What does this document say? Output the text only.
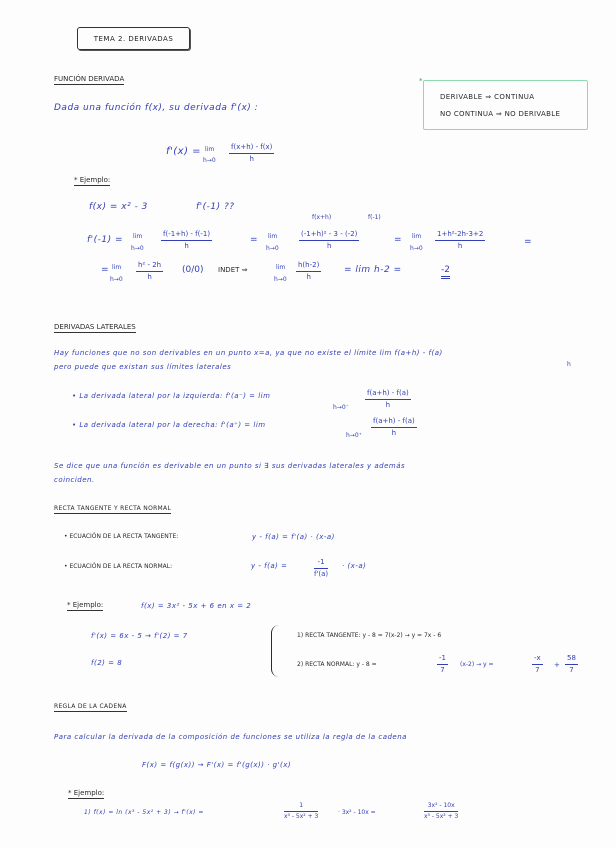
TEMA 2. DERIVADAS
*
DERIVABLE ⇒ CONTINUA
NO CONTINUA ⇒ NO DERIVABLE
FUNCIÓN DERIVADA
Dada una función f(x), su derivada f'(x) :
f'(x) = lim
$h\to 0 \frac{f(x+h) - f(x)}{h}$
* Ejemplo:
f(x) = x² - 3	f'(-1) ??
f'(-1) = lim
$h\to 0 \frac{f(-1+h) - f(-1)}{h}$	= lim
h→0
f(x+h)	f(-1)
$\frac{\text{(-1+h)² - 3 - (-2)}}{h}$	= lim
$h\to 0 \frac{\text{1+h²-2h-3+2}}{h}$	=
= lim
$h\to 0 \frac{\text{h² - 2h}}{h} (0/0)$ INDET ⇒	lim
$h\to 0 \frac{h(h-2)}{h}$	= lim h-2 =	-2
DERIVADAS LATERALES
Hay funciones que no son derivables en un punto x=a, ya que no existe el límite lim f(a+h) - f(a)
h
pero puede que existan sus límites laterales
• La derivada lateral por la izquierda: f'(a⁻) = lim
$h\to 0^- \frac{f(a+h) - f(a)}{h}$
• La derivada lateral por la derecha: f'(a⁺) = lim
$h\to 0^+ \frac{f(a+h) - f(a)}{h}$
Se dice que una función es derivable en un punto si ∃ sus derivadas laterales y además
coinciden.
RECTA TANGENTE Y RECTA NORMAL
• ECUACIÓN DE LA RECTA TANGENTE:	y - f(a) = f'(a) · (x-a)
• ECUACIÓN DE LA RECTA NORMAL:	y - f(a) =	$\frac{-1}{f'(a)} \cdot (x-a)$
* Ejemplo:	f(x) = 3x² - 5x + 6 en x = 2
f'(x) = 6x - 5 → f'(2) = 7
f(2) = 8
1) RECTA TANGENTE: y - 8 = 7(x-2) → y = 7x - 6
2) RECTA NORMAL: y - 8 =	$\frac{-1}{7} (x-2) \to y$ =	$\frac{-x}{7} + \frac{58}{7}$
REGLA DE LA CADENA
Para calcular la derivada de la composición de funciones se utiliza la regla de la cadena
F(x) = f(g(x)) → F'(x) = f'(g(x)) · g'(x)
* Ejemplo:
1) f(x) = ln (x³ - 5x² + 3) → f'(x) =	$\frac{1}{\text{x³ - 5x² + 3}}$	· 3x² - 10x =	$\frac{\text{3x² - 10x}}{\text{x³ - 5x² + 3}}$
